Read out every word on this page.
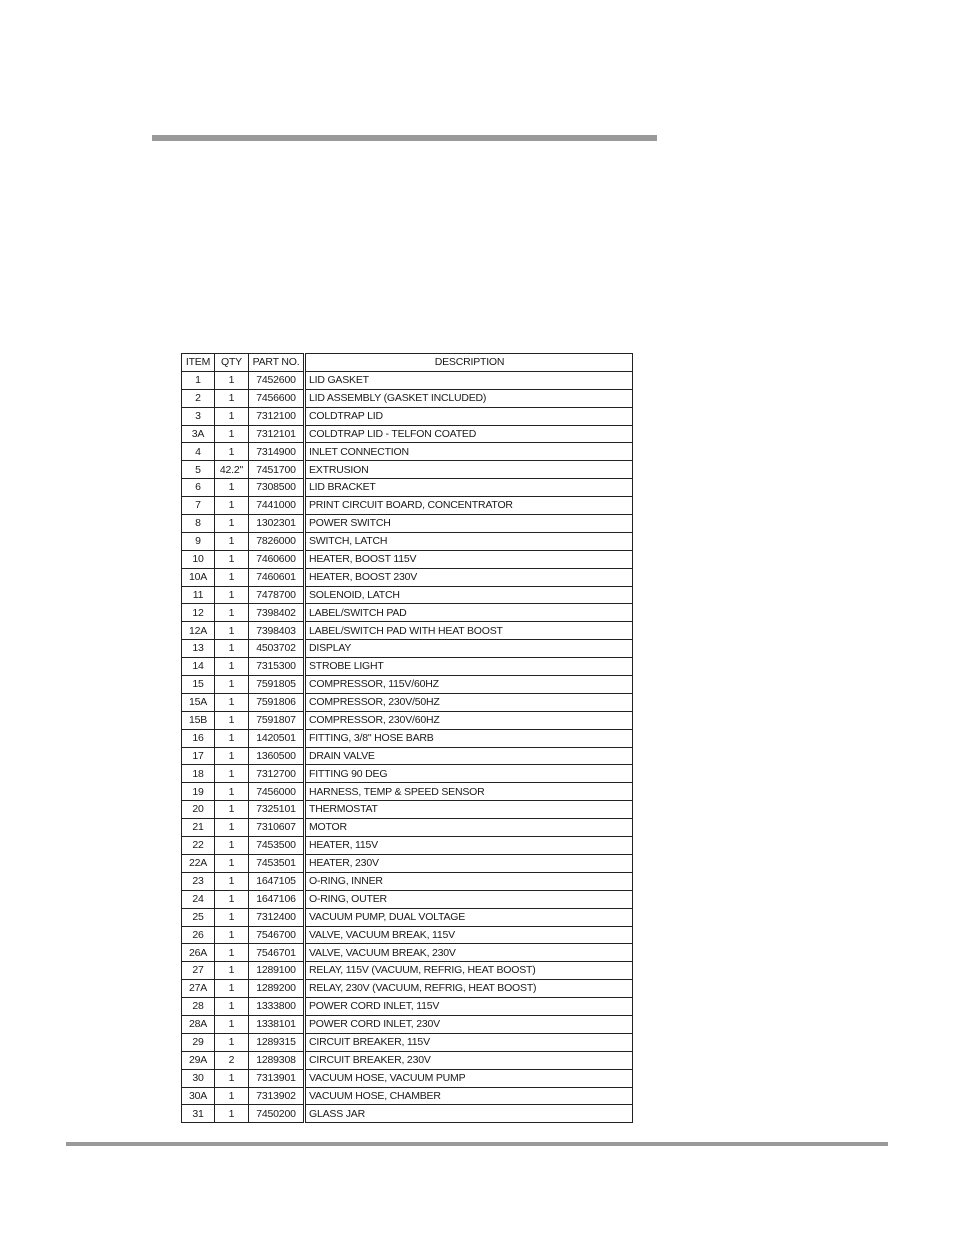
ITEM	QTY	PART NO.	DESCRIPTION
1	1	7452600	LID GASKET
2	1	7456600	LID ASSEMBLY (GASKET INCLUDED)
3	1	7312100	COLDTRAP LID
3A	1	7312101	COLDTRAP LID - TELFON COATED
4	1	7314900	INLET CONNECTION
5	42.2"	7451700	EXTRUSION
6	1	7308500	LID BRACKET
7	1	7441000	PRINT CIRCUIT BOARD, CONCENTRATOR
8	1	1302301	POWER SWITCH
9	1	7826000	SWITCH, LATCH
10	1	7460600	HEATER, BOOST 115V
10A	1	7460601	HEATER, BOOST 230V
11	1	7478700	SOLENOID, LATCH
12	1	7398402	LABEL/SWITCH PAD
12A	1	7398403	LABEL/SWITCH PAD WITH HEAT BOOST
13	1	4503702	DISPLAY
14	1	7315300	STROBE LIGHT
15	1	7591805	COMPRESSOR, 115V/60HZ
15A	1	7591806	COMPRESSOR, 230V/50HZ
15B	1	7591807	COMPRESSOR, 230V/60HZ
16	1	1420501	FITTING, 3/8" HOSE BARB
17	1	1360500	DRAIN VALVE
18	1	7312700	FITTING 90 DEG
19	1	7456000	HARNESS, TEMP & SPEED SENSOR
20	1	7325101	THERMOSTAT
21	1	7310607	MOTOR
22	1	7453500	HEATER, 115V
22A	1	7453501	HEATER, 230V
23	1	1647105	O-RING, INNER
24	1	1647106	O-RING, OUTER
25	1	7312400	VACUUM PUMP, DUAL VOLTAGE
26	1	7546700	VALVE, VACUUM BREAK, 115V
26A	1	7546701	VALVE, VACUUM BREAK, 230V
27	1	1289100	RELAY, 115V (VACUUM, REFRIG, HEAT BOOST)
27A	1	1289200	RELAY, 230V (VACUUM, REFRIG, HEAT BOOST)
28	1	1333800	POWER CORD INLET, 115V
28A	1	1338101	POWER CORD INLET, 230V
29	1	1289315	CIRCUIT BREAKER, 115V
29A	2	1289308	CIRCUIT BREAKER, 230V
30	1	7313901	VACUUM HOSE, VACUUM PUMP
30A	1	7313902	VACUUM HOSE, CHAMBER
31	1	7450200	GLASS JAR
